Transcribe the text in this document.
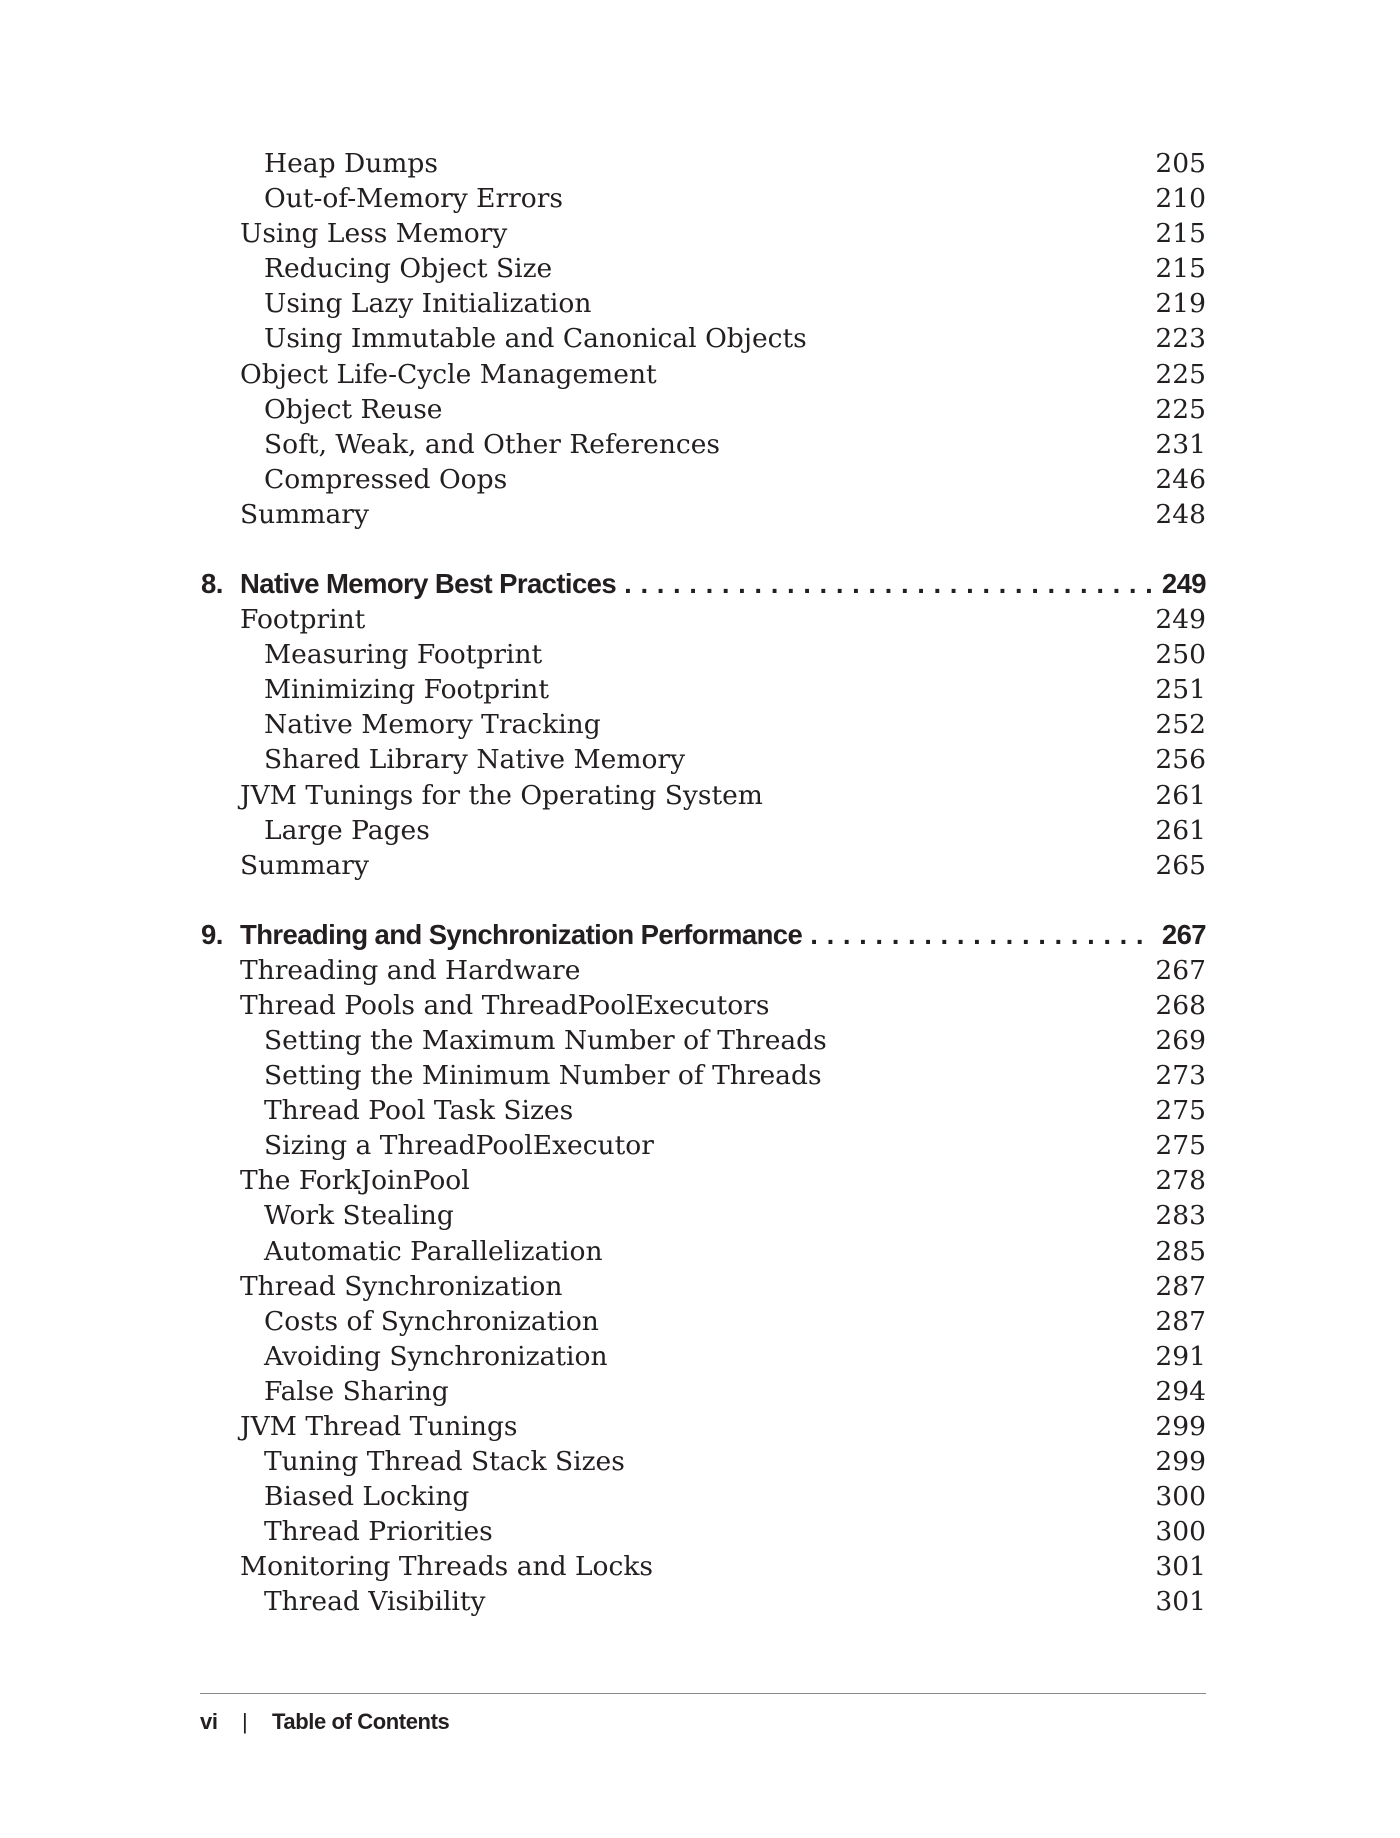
Heap Dumps	205
Out-of-Memory Errors	210
Using Less Memory	215
Reducing Object Size	215
Using Lazy Initialization	219
Using Immutable and Canonical Objects	223
Object Life-Cycle Management	225
Object Reuse	225
Soft, Weak, and Other References	231
Compressed Oops	246
Summary	248
8. Native Memory Best Practices . . .	249
Footprint	249
Measuring Footprint	250
Minimizing Footprint	251
Native Memory Tracking	252
Shared Library Native Memory	256
JVM Tunings for the Operating System	261
Large Pages	261
Summary	265
9. Threading and Synchronization Performance . . .	267
Threading and Hardware	267
Thread Pools and ThreadPoolExecutors	268
Setting the Maximum Number of Threads	269
Setting the Minimum Number of Threads	273
Thread Pool Task Sizes	275
Sizing a ThreadPoolExecutor	275
The ForkJoinPool	278
Work Stealing	283
Automatic Parallelization	285
Thread Synchronization	287
Costs of Synchronization	287
Avoiding Synchronization	291
False Sharing	294
JVM Thread Tunings	299
Tuning Thread Stack Sizes	299
Biased Locking	300
Thread Priorities	300
Monitoring Threads and Locks	301
Thread Visibility	301
vi | Table of Contents
